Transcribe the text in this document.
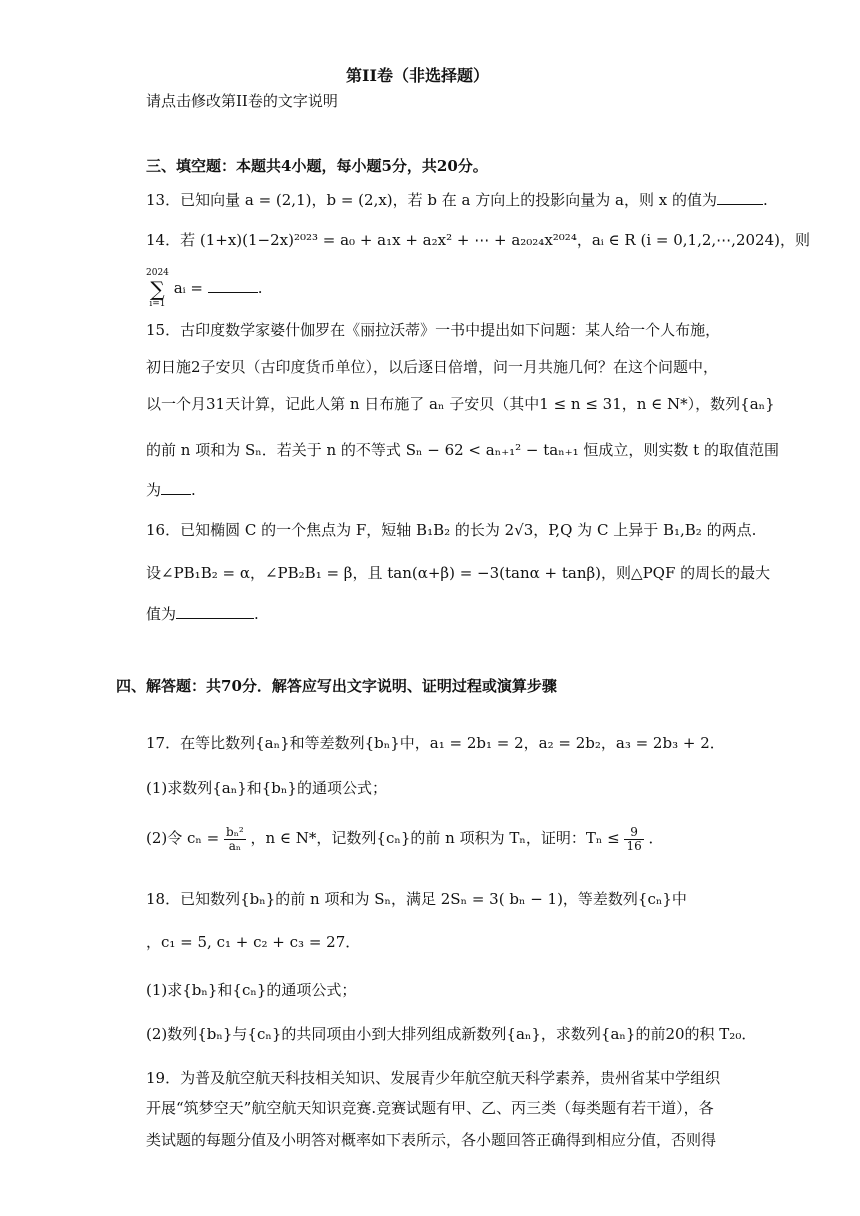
第II卷（非选择题）
请点击修改第II卷的文字说明
三、填空题：本题共4小题，每小题5分，共20分。
13．已知向量 a = (2,1)，b = (2,x)，若 b 在 a 方向上的投影向量为 a，则 x 的值为	.
14．若 (1+x)(1−2x)²⁰²³ = a₀ + a₁x + a₂x² + ⋯ + a₂₀₂₄x²⁰²⁴，aᵢ ∈ R (i = 0,1,2,⋯,2024)，则
2024
∑
i=1
aᵢ =	.
15．古印度数学家婆什伽罗在《丽拉沃蒂》一书中提出如下问题：某人给一个人布施，
初日施2子安贝（古印度货币单位），以后逐日倍增，问一月共施几何？在这个问题中，
以一个月31天计算，记此人第 n 日布施了 aₙ 子安贝（其中1 ≤ n ≤ 31，n ∈ N*），数列{aₙ}
的前 n 项和为 Sₙ．若关于 n 的不等式 Sₙ − 62 < aₙ₊₁² − taₙ₊₁ 恒成立，则实数 t 的取值范围
为 .
16．已知椭圆 C 的一个焦点为 F，短轴 B₁B₂ 的长为 2√3，P,Q 为 C 上异于 B₁,B₂ 的两点.
设∠PB₁B₂ = α，∠PB₂B₁ = β，且 tan(α+β) = −3(tanα + tanβ)，则△PQF 的周长的最大
值为	.
四、解答题：共70分．解答应写出文字说明、证明过程或演算步骤
17．在等比数列{aₙ}和等差数列{bₙ}中，a₁ = 2b₁ = 2，a₂ = 2b₂，a₃ = 2b₃ + 2．
(1)求数列{aₙ}和{bₙ}的通项公式；
(2)令 $c_n = \frac{\text{bₙ²}}{\text{aₙ}}$ ，n ∈ N*，记数列{cₙ}的前 n 项积为 Tₙ，证明：$T_n \le \frac{9}{16}$ ．
18．已知数列{bₙ}的前 n 项和为 Sₙ，满足 2Sₙ = 3( bₙ − 1)，等差数列{cₙ}中
，c₁ = 5, c₁ + c₂ + c₃ = 27．
(1)求{bₙ}和{cₙ}的通项公式；
(2)数列{bₙ}与{cₙ}的共同项由小到大排列组成新数列{aₙ}，求数列{aₙ}的前20的积 T₂₀．
19．为普及航空航天科技相关知识、发展青少年航空航天科学素养，贵州省某中学组织
开展“筑梦空天”航空航天知识竞赛.竞赛试题有甲、乙、丙三类（每类题有若干道），各
类试题的每题分值及小明答对概率如下表所示，各小题回答正确得到相应分值，否则得
